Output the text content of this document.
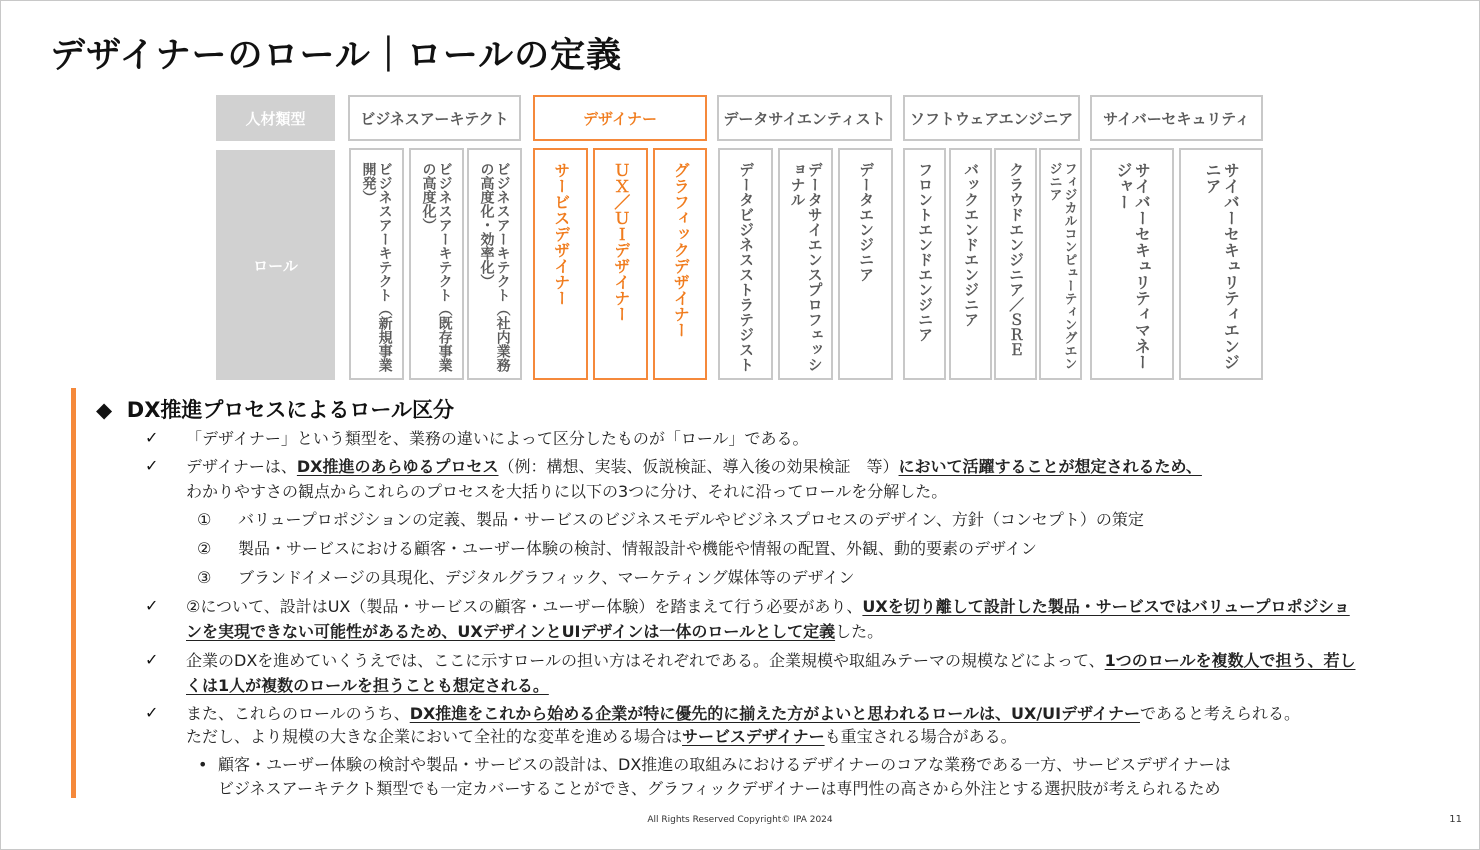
デザイナーのロール｜ロールの定義
人材類型	ビジネスアーキテクト	デザイナー	データサイエンティスト	ソフトウェアエンジニア	サイバーセキュリティ
ロール	ビジネスアーキテクト（新規事業開発）	ビジネスアーキテクト（既存事業の高度化）	ビジネスアーキテクト（社内業務の高度化・効率化）	サービスデザイナー	ＵＸ／ＵＩデザイナー	グラフィックデザイナー	データビジネスストラテジスト	データサイエンスプロフェッショナル	データエンジニア	フロントエンドエンジニア	バックエンドエンジニア	クラウドエンジニア／ＳＲＥ	フィジカルコンピューティングエンジニア	サイバーセキュリティマネージャー	サイバーセキュリティエンジニア
◆ DX推進プロセスによるロール区分
✓ 「デザイナー」という類型を、業務の違いによって区分したものが「ロール」である。
✓ デザイナーは、DX推進のあらゆるプロセス（例：構想、実装、仮説検証、導入後の効果検証　等）において活躍することが想定されるため、
わかりやすさの観点からこれらのプロセスを大括りに以下の3つに分け、それに沿ってロールを分解した。
① バリュープロポジションの定義、製品・サービスのビジネスモデルやビジネスプロセスのデザイン、方針（コンセプト）の策定
② 製品・サービスにおける顧客・ユーザー体験の検討、情報設計や機能や情報の配置、外観、動的要素のデザイン
③ ブランドイメージの具現化、デジタルグラフィック、マーケティング媒体等のデザイン
✓ ②について、設計はUX（製品・サービスの顧客・ユーザー体験）を踏まえて行う必要があり、UXを切り離して設計した製品・サービスではバリュープロポジショ
ンを実現できない可能性があるため、UXデザインとUIデザインは一体のロールとして定義した。
✓ 企業のDXを進めていくうえでは、ここに示すロールの担い方はそれぞれである。企業規模や取組みテーマの規模などによって、1つのロールを複数人で担う、若し
くは1人が複数のロールを担うことも想定される。
✓ また、これらのロールのうち、DX推進をこれから始める企業が特に優先的に揃えた方がよいと思われるロールは、UX/UIデザイナーであると考えられる。
ただし、より規模の大きな企業において全社的な変革を進める場合はサービスデザイナーも重宝される場合がある。
• 顧客・ユーザー体験の検討や製品・サービスの設計は、DX推進の取組みにおけるデザイナーのコアな業務である一方、サービスデザイナーは
ビジネスアーキテクト類型でも一定カバーすることができ、グラフィックデザイナーは専門性の高さから外注とする選択肢が考えられるため
All Rights Reserved Copyright© IPA 2024	11
